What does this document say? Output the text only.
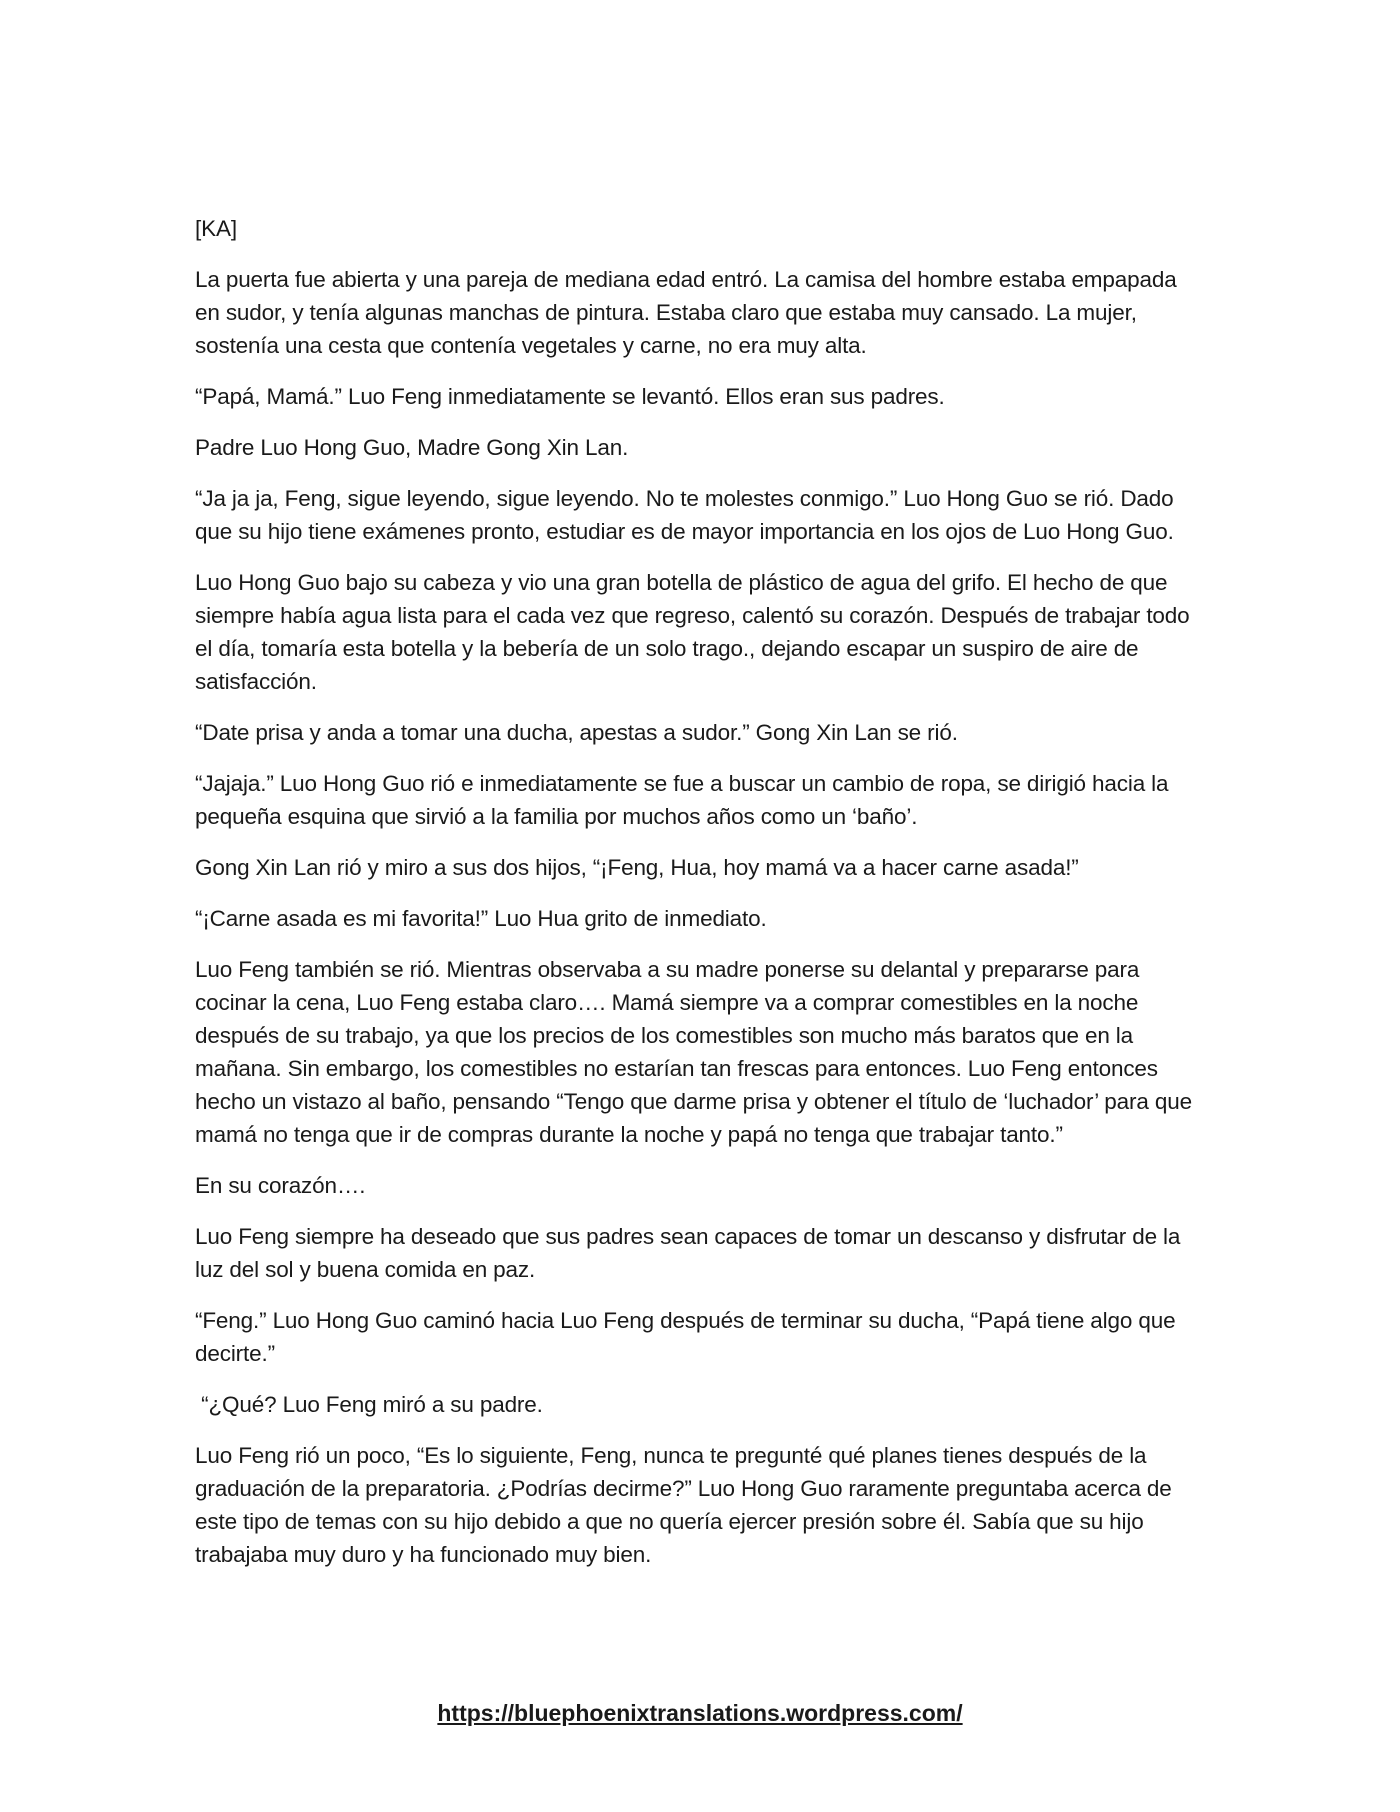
[KA]

La puerta fue abierta y una pareja de mediana edad entró. La camisa del hombre estaba empapada en sudor, y tenía algunas manchas de pintura. Estaba claro que estaba muy cansado. La mujer, sostenía una cesta que contenía vegetales y carne, no era muy alta.

“Papá, Mamá.” Luo Feng inmediatamente se levantó. Ellos eran sus padres.

Padre Luo Hong Guo, Madre Gong Xin Lan.

“Ja ja ja, Feng, sigue leyendo, sigue leyendo. No te molestes conmigo.” Luo Hong Guo se rió. Dado que su hijo tiene exámenes pronto, estudiar es de mayor importancia en los ojos de Luo Hong Guo.

Luo Hong Guo bajo su cabeza y vio una gran botella de plástico de agua del grifo. El hecho de que siempre había agua lista para el cada vez que regreso, calentó su corazón. Después de trabajar todo el día, tomaría esta botella y la bebería de un solo trago., dejando escapar un suspiro de aire de satisfacción.

“Date prisa y anda a tomar una ducha, apestas a sudor.” Gong Xin Lan se rió.

“Jajaja.” Luo Hong Guo rió e inmediatamente se fue a buscar un cambio de ropa, se dirigió hacia la pequeña esquina que sirvió a la familia por muchos años como un ‘baño’.

Gong Xin Lan rió y miro a sus dos hijos, “¡Feng, Hua, hoy mamá va a hacer carne asada!”

“¡Carne asada es mi favorita!” Luo Hua grito de inmediato.

Luo Feng también se rió. Mientras observaba a su madre ponerse su delantal y prepararse para cocinar la cena, Luo Feng estaba claro…. Mamá siempre va a comprar comestibles en la noche después de su trabajo, ya que los precios de los comestibles son mucho más baratos que en la mañana. Sin embargo, los comestibles no estarían tan frescas para entonces. Luo Feng entonces hecho un vistazo al baño, pensando “Tengo que darme prisa y obtener el título de ‘luchador’ para que mamá no tenga que ir de compras durante la noche y papá no tenga que trabajar tanto.”

En su corazón….

Luo Feng siempre ha deseado que sus padres sean capaces de tomar un descanso y disfrutar de la luz del sol y buena comida en paz.

“Feng.” Luo Hong Guo caminó hacia Luo Feng después de terminar su ducha, “Papá tiene algo que decirte.”

“¿Qué? Luo Feng miró a su padre.

Luo Feng rió un poco, “Es lo siguiente, Feng, nunca te pregunté qué planes tienes después de la graduación de la preparatoria. ¿Podrías decirme?” Luo Hong Guo raramente preguntaba acerca de este tipo de temas con su hijo debido a que no quería ejercer presión sobre él. Sabía que su hijo trabajaba muy duro y ha funcionado muy bien.

https://bluephoenixtranslations.wordpress.com/
